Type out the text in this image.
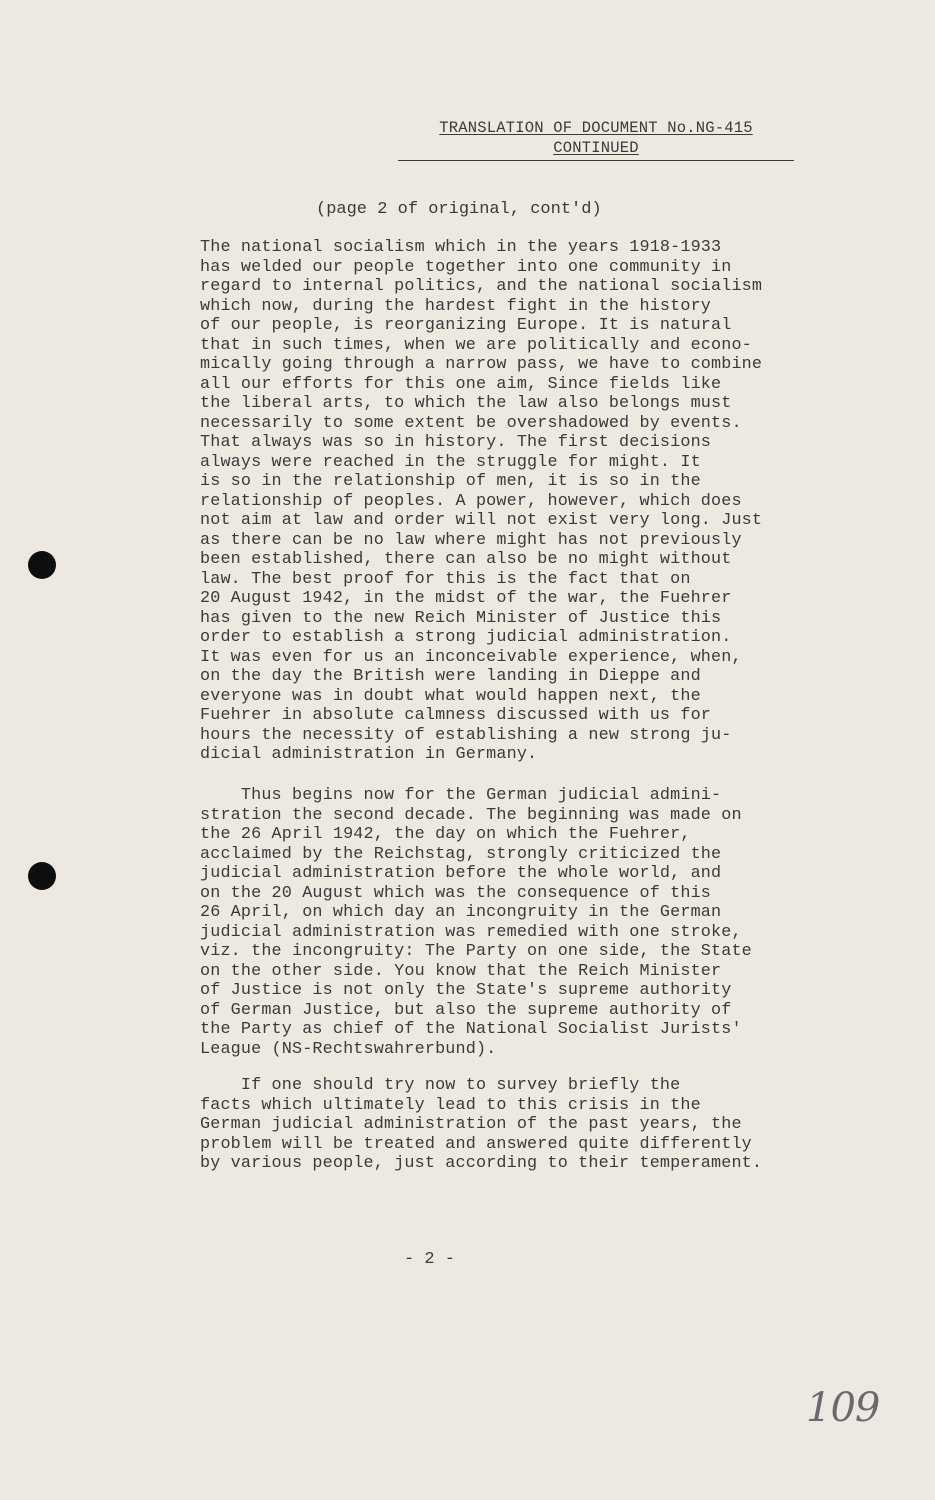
TRANSLATION OF DOCUMENT No.NG-415
CONTINUED
(page 2 of original, cont'd)
The national socialism which in the years 1918-1933
has welded our people together into one community in
regard to internal politics, and the national socialism
which now, during the hardest fight in the history
of our people, is reorganizing Europe. It is natural
that in such times, when we are politically and econo-
mically going through a narrow pass, we have to combine
all our efforts for this one aim, Since fields like
the liberal arts, to which the law also belongs must
necessarily to some extent be overshadowed by events.
That always was so in history. The first decisions
always were reached in the struggle for might. It
is so in the relationship of men, it is so in the
relationship of peoples. A power, however, which does
not aim at law and order will not exist very long. Just
as there can be no law where might has not previously
been established, there can also be no might without
law. The best proof for this is the fact that on
20 August 1942, in the midst of the war, the Fuehrer
has given to the new Reich Minister of Justice this
order to establish a strong judicial administration.
It was even for us an inconceivable experience, when,
on the day the British were landing in Dieppe and
everyone was in doubt what would happen next, the
Fuehrer in absolute calmness discussed with us for
hours the necessity of establishing a new strong ju-
dicial administration in Germany.
Thus begins now for the German judicial admini-
stration the second decade. The beginning was made on
the 26 April 1942, the day on which the Fuehrer,
acclaimed by the Reichstag, strongly criticized the
judicial administration before the whole world, and
on the 20 August which was the consequence of this
26 April, on which day an incongruity in the German
judicial administration was remedied with one stroke,
viz. the incongruity: The Party on one side, the State
on the other side. You know that the Reich Minister
of Justice is not only the State's supreme authority
of German Justice, but also the supreme authority of
the Party as chief of the National Socialist Jurists'
League (NS-Rechtswahrerbund).
If one should try now to survey briefly the
facts which ultimately lead to this crisis in the
German judicial administration of the past years, the
problem will be treated and answered quite differently
by various people, just according to their temperament.
- 2 -
109
